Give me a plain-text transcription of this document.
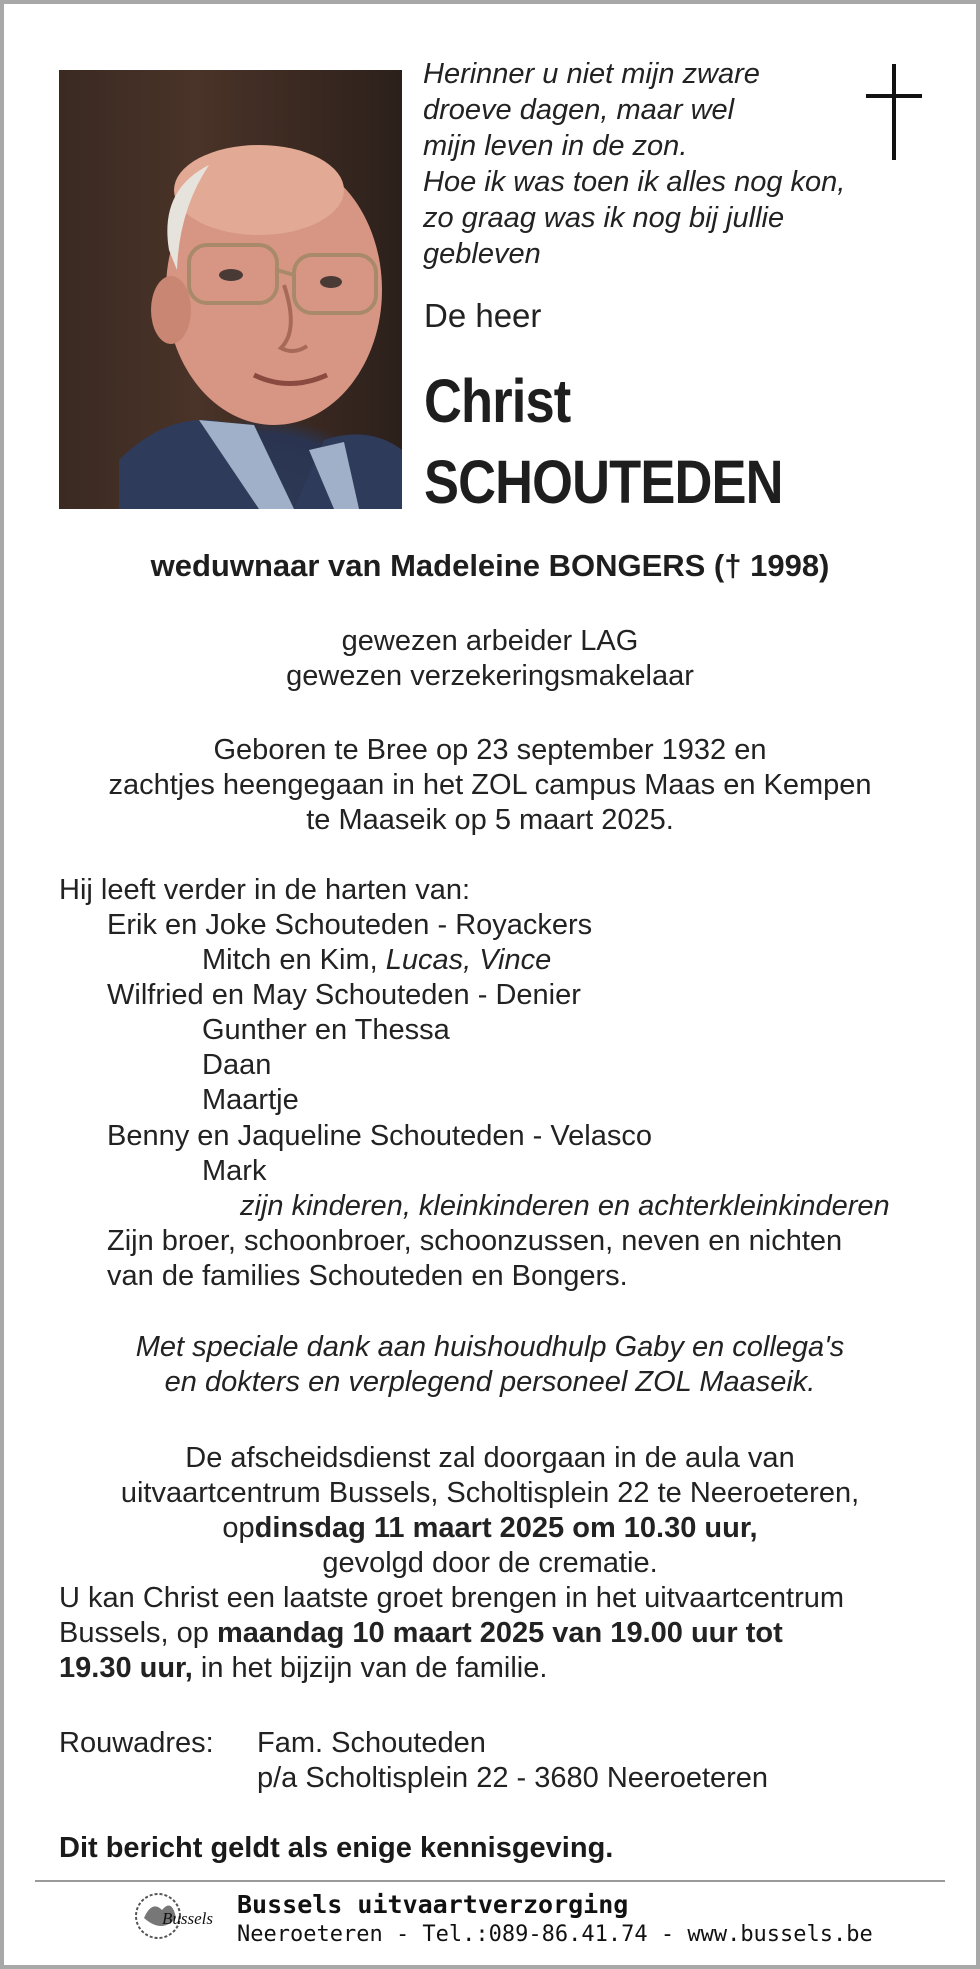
Herinner u niet mijn zware
droeve dagen, maar wel
mijn leven in de zon.
Hoe ik was toen ik alles nog kon,
zo graag was ik nog bij jullie
gebleven
De heer
Christ
SCHOUTEDEN
weduwnaar van Madeleine BONGERS († 1998)
gewezen arbeider LAG
gewezen verzekeringsmakelaar
Geboren te Bree op 23 september 1932 en
zachtjes heengegaan in het ZOL campus Maas en Kempen
te Maaseik op 5 maart 2025.
Hij leeft verder in de harten van:
Erik en Joke Schouteden - Royackers
Mitch en Kim, Lucas, Vince
Wilfried en May Schouteden - Denier
Gunther en Thessa
Daan
Maartje
Benny en Jaqueline Schouteden - Velasco
Mark
zijn kinderen, kleinkinderen en achterkleinkinderen
Zijn broer, schoonbroer, schoonzussen, neven en nichten
van de families Schouteden en Bongers.
Met speciale dank aan huishoudhulp Gaby en collega's
en dokters en verplegend personeel ZOL Maaseik.
De afscheidsdienst zal doorgaan in de aula van
uitvaartcentrum Bussels, Scholtisplein 22 te Neeroeteren,
opdinsdag 11 maart 2025 om 10.30 uur,
gevolgd door de crematie.
U kan Christ een laatste groet brengen in het uitvaartcentrum
Bussels, op maandag 10 maart 2025 van 19.00 uur tot
19.30 uur, in het bijzijn van de familie.
Rouwadres: Fam. Schouteden
p/a Scholtisplein 22 - 3680 Neeroeteren
Dit bericht geldt als enige kennisgeving.
Bussels Bussels uitvaartverzorging
Neeroeteren - Tel.:089-86.41.74 - www.bussels.be
